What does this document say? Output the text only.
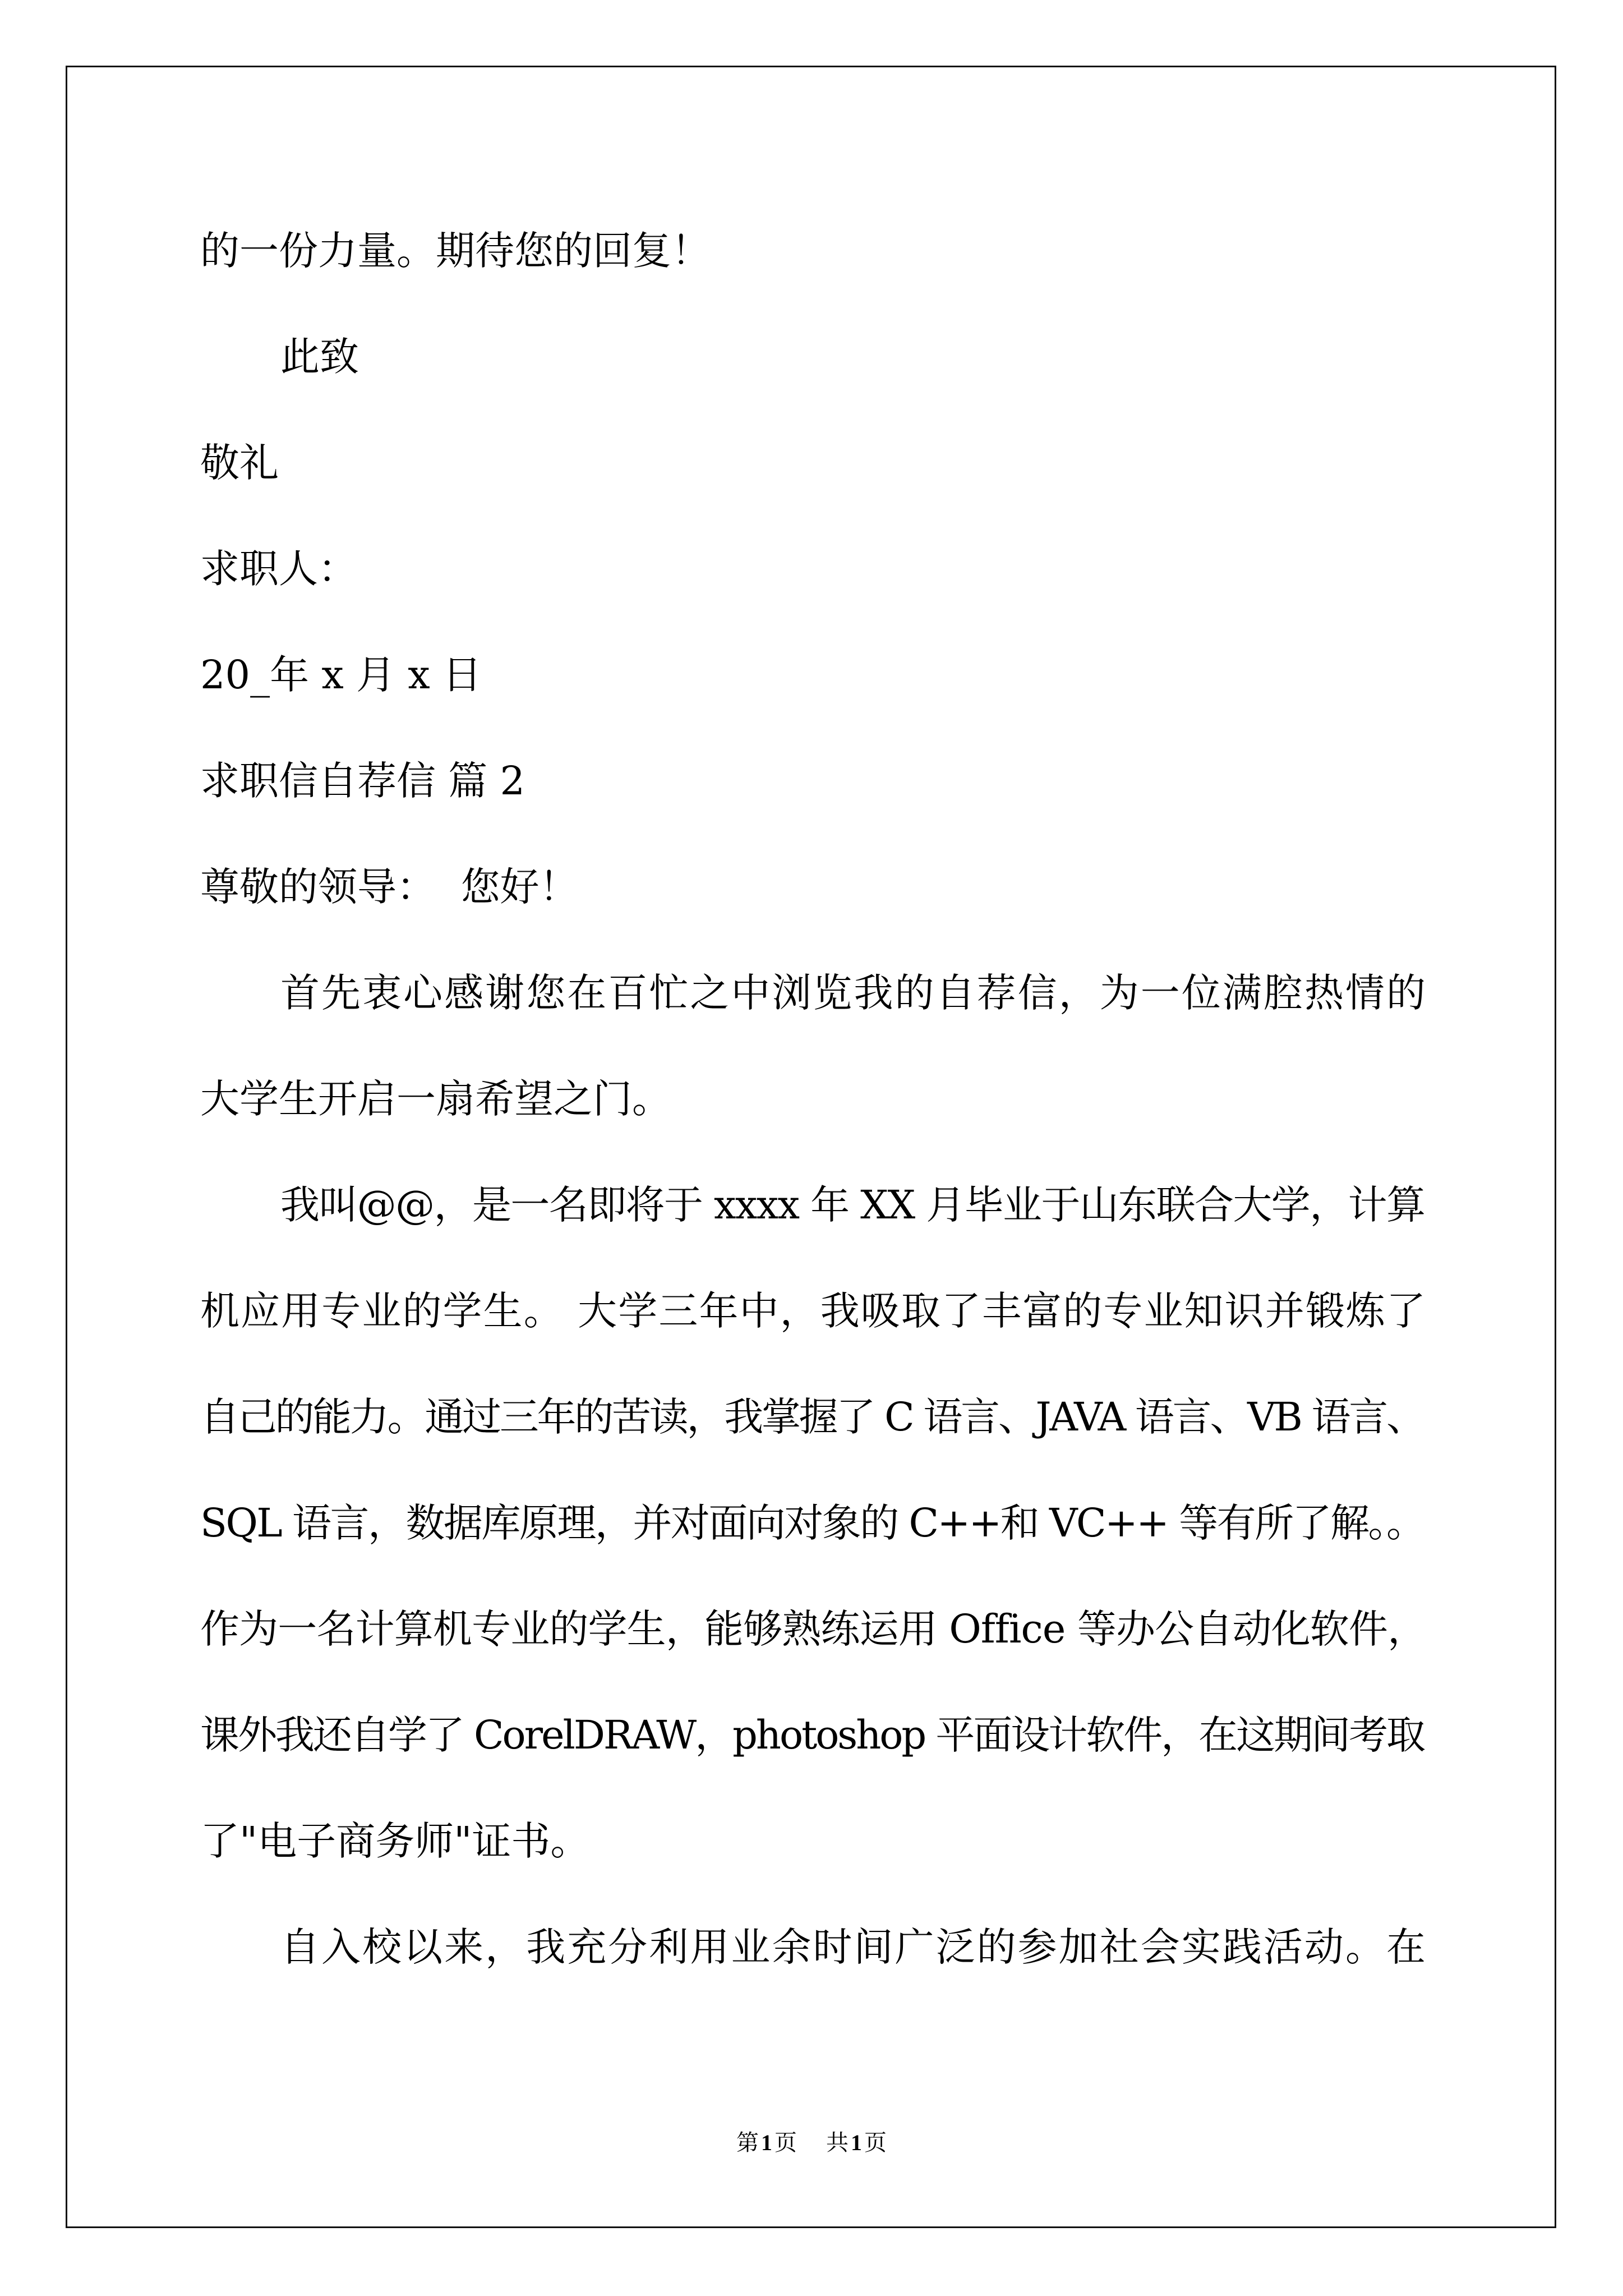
的一份力量。期待您的回复！
此致
敬礼
求职人：
20_年 x 月 x 日
求职信自荐信 篇 2
尊敬的领导：  您好！
首先衷心感谢您在百忙之中浏览我的自荐信，为一位满腔热情的
大学生开启一扇希望之门。
我叫@@，是一名即将于 xxxx 年 XX 月毕业于山东联合大学，计算
机应用专业的学生。 大学三年中，我吸取了丰富的专业知识并锻炼了
自己的能力。通过三年的苦读，我掌握了 C 语言、JAVA 语言、VB 语言、
SQL 语言，数据库原理，并对面向对象的 C++和 VC++ 等有所了解。。
作为一名计算机专业的学生，能够熟练运用 Office 等办公自动化软件，
课外我还自学了 CorelDRAW，photoshop 平面设计软件，在这期间考取
了"电子商务师"证书。
自入校以来，我充分利用业余时间广泛的参加社会实践活动。在
第 1 页 共 1 页
